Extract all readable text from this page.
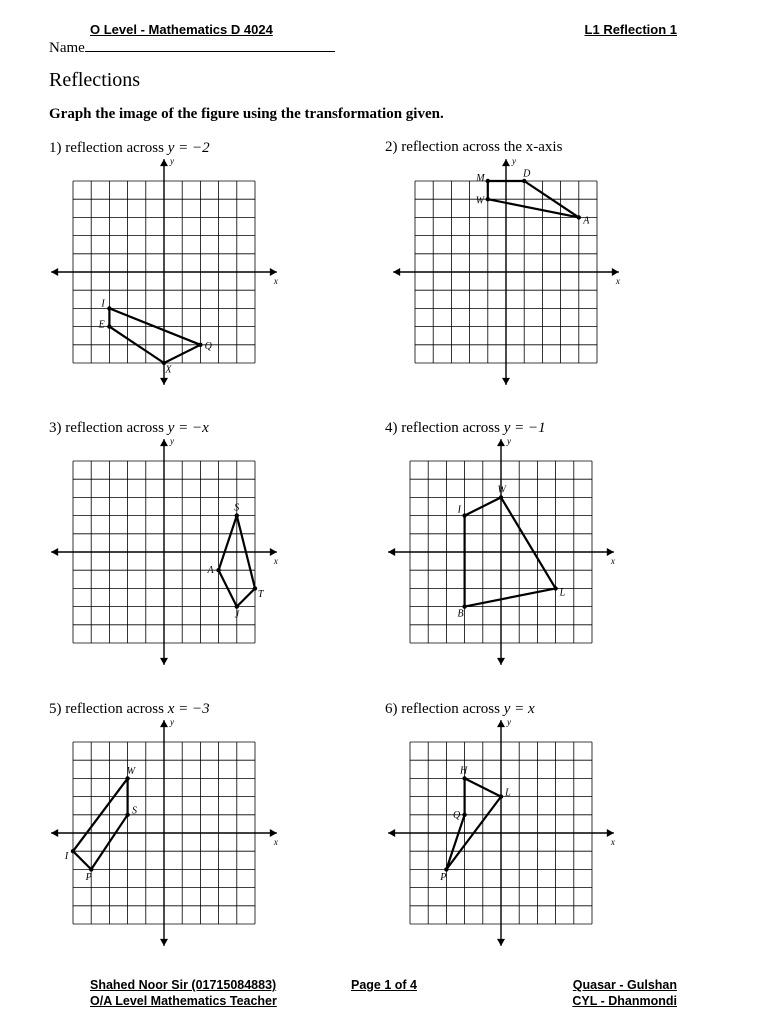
O Level - Mathematics D 4024	L1 Reflection 1
Name
Reflections
Graph the image of the figure using the transformation given.
1) reflection across y = −2	2) reflection across the x-axis
3) reflection across y = −x	4) reflection across y = −1
5) reflection across x = −3	6) reflection across y = x
x
y
I
Q
X
E
x
y
M	D
A
W
x
y
S
T
J
A
x
y
W
L
B
I
x
y
W
S
P
I
x
y
H
L
P
Q
Shahed Noor Sir (01715084883)
O/A Level Mathematics Teacher
Page 1 of 4	Quasar - Gulshan
CYL - Dhanmondi
